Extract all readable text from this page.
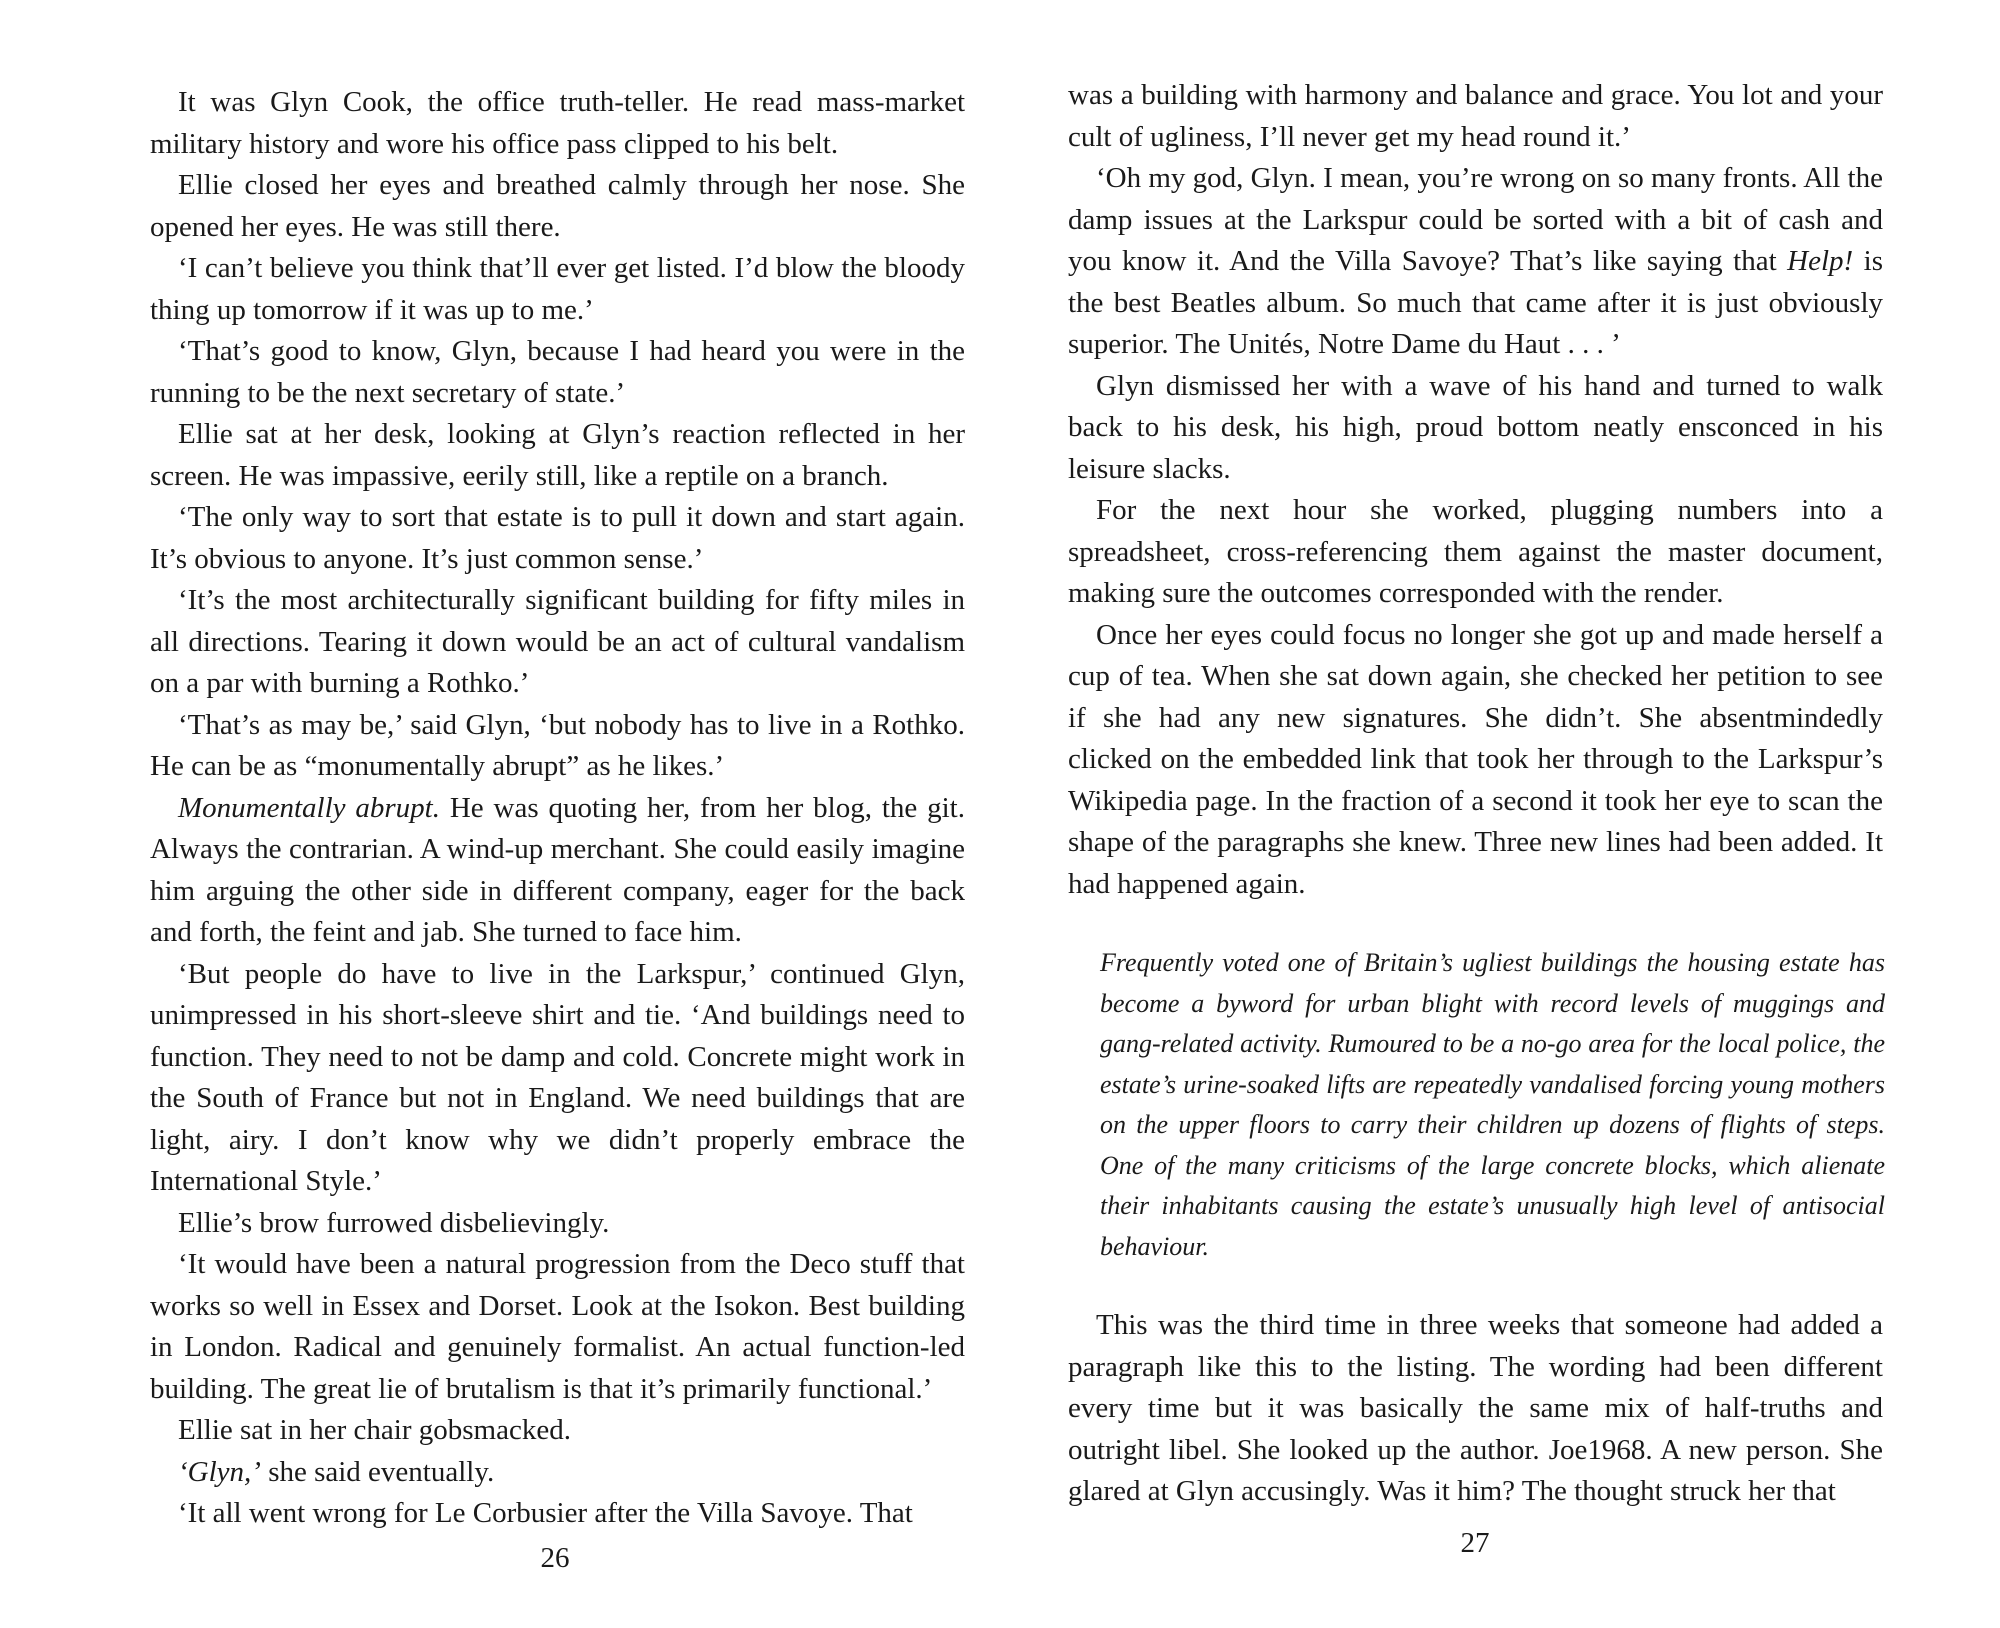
It was Glyn Cook, the office truth-teller. He read mass-market military history and wore his office pass clipped to his belt.

Ellie closed her eyes and breathed calmly through her nose. She opened her eyes. He was still there.

‘I can’t believe you think that’ll ever get listed. I’d blow the bloody thing up tomorrow if it was up to me.’

‘That’s good to know, Glyn, because I had heard you were in the running to be the next secretary of state.’

Ellie sat at her desk, looking at Glyn’s reaction reflected in her screen. He was impassive, eerily still, like a reptile on a branch.

‘The only way to sort that estate is to pull it down and start again. It’s obvious to anyone. It’s just common sense.’

‘It’s the most architecturally significant building for fifty miles in all directions. Tearing it down would be an act of cultural vandalism on a par with burning a Rothko.’

‘That’s as may be,’ said Glyn, ‘but nobody has to live in a Rothko. He can be as “monumentally abrupt” as he likes.’

Monumentally abrupt. He was quoting her, from her blog, the git. Always the contrarian. A wind-up merchant. She could easily imagine him arguing the other side in different company, eager for the back and forth, the feint and jab. She turned to face him.

‘But people do have to live in the Larkspur,’ continued Glyn, unimpressed in his short-sleeve shirt and tie. ‘And buildings need to function. They need to not be damp and cold. Concrete might work in the South of France but not in England. We need buildings that are light, airy. I don’t know why we didn’t properly embrace the International Style.’

Ellie’s brow furrowed disbelievingly.

‘It would have been a natural progression from the Deco stuff that works so well in Essex and Dorset. Look at the Isokon. Best building in London. Radical and genuinely formalist. An actual function-led building. The great lie of brutalism is that it’s primarily functional.’

Ellie sat in her chair gobsmacked.

‘Glyn,’ she said eventually.

‘It all went wrong for Le Corbusier after the Villa Savoye. That

26

was a building with harmony and balance and grace. You lot and your cult of ugliness, I’ll never get my head round it.’

‘Oh my god, Glyn. I mean, you’re wrong on so many fronts. All the damp issues at the Larkspur could be sorted with a bit of cash and you know it. And the Villa Savoye? That’s like saying that Help! is the best Beatles album. So much that came after it is just obviously superior. The Unités, Notre Dame du Haut . . . ’

Glyn dismissed her with a wave of his hand and turned to walk back to his desk, his high, proud bottom neatly ensconced in his leisure slacks.

For the next hour she worked, plugging numbers into a spreadsheet, cross-referencing them against the master document, making sure the outcomes corresponded with the render.

Once her eyes could focus no longer she got up and made herself a cup of tea. When she sat down again, she checked her petition to see if she had any new signatures. She didn’t. She absentmindedly clicked on the embedded link that took her through to the Larkspur’s Wikipedia page. In the fraction of a second it took her eye to scan the shape of the paragraphs she knew. Three new lines had been added. It had happened again.

Frequently voted one of Britain’s ugliest buildings the housing estate has become a byword for urban blight with record levels of muggings and gang-related activity. Rumoured to be a no-go area for the local police, the estate’s urine-soaked lifts are repeatedly vandalised forcing young mothers on the upper floors to carry their children up dozens of flights of steps. One of the many criticisms of the large concrete blocks, which alienate their inhabitants causing the estate’s unusually high level of antisocial behaviour.

This was the third time in three weeks that someone had added a paragraph like this to the listing. The wording had been different every time but it was basically the same mix of half-truths and outright libel. She looked up the author. Joe1968. A new person. She glared at Glyn accusingly. Was it him? The thought struck her that

27
